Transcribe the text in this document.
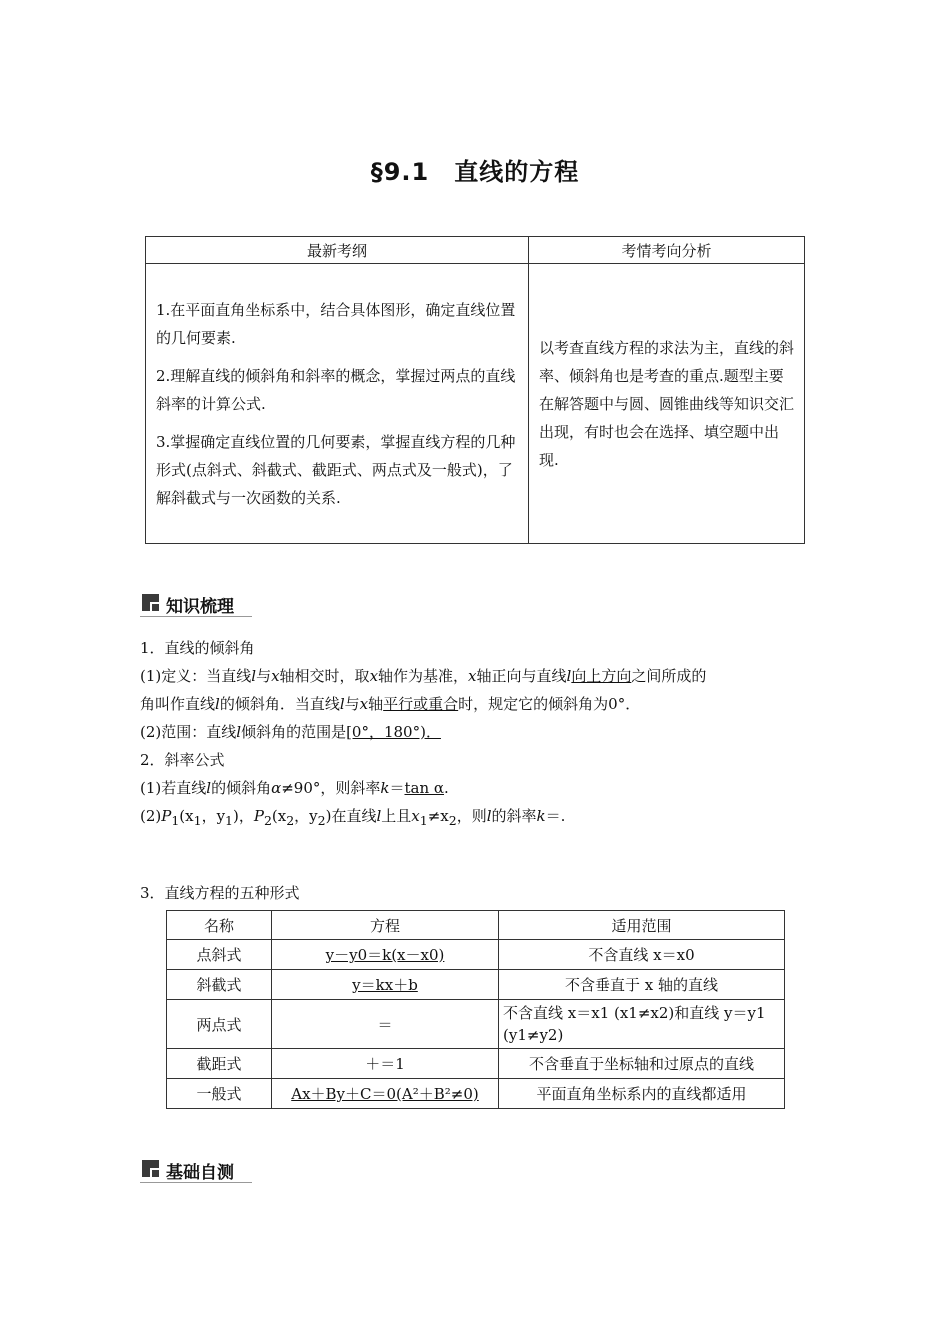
§9.1　直线的方程
最新考纲	考情考向分析

1.在平面直角坐标系中，结合具体图形，确定直线位置的几何要素.

2.理解直线的倾斜角和斜率的概念，掌握过两点的直线斜率的计算公式.

3.掌握确定直线位置的几何要素，掌握直线方程的几种形式(点斜式、斜截式、截距式、两点式及一般式)，了解斜截式与一次函数的关系.	以考查直线方程的求法为主，直线的斜率、倾斜角也是考查的重点.题型主要在解答题中与圆、圆锥曲线等知识交汇出现，有时也会在选择、填空题中出现.
知识梳理
1．直线的倾斜角
(1)定义：当直线l与x轴相交时，取x轴作为基准，x轴正向与直线l向上方向之间所成的
角叫作直线l的倾斜角．当直线l与x轴平行或重合时，规定它的倾斜角为0°．
(2)范围：直线l倾斜角的范围是[0°，180°)．
2．斜率公式
(1)若直线l的倾斜角α≠90°，则斜率k＝tan α.
$(2)P_1(x_1$，$y_1$)，$P_2(x_2$，$y_2$)在直线l上且$x_1\ne x_2$，则l的斜率k＝.
3．直线方程的五种形式
名称	方程	适用范围
点斜式	y－y0＝k(x－x0)	不含直线 x＝x0
斜截式	y＝kx＋b	不含垂直于 x 轴的直线
两点式	＝	不含直线 x＝x1 (x1≠x2)和直线 y＝y1
(y1≠y2)
截距式	＋＝1	不含垂直于坐标轴和过原点的直线
一般式	Ax＋By＋C＝0(A²＋B²≠0)	平面直角坐标系内的直线都适用
基础自测
